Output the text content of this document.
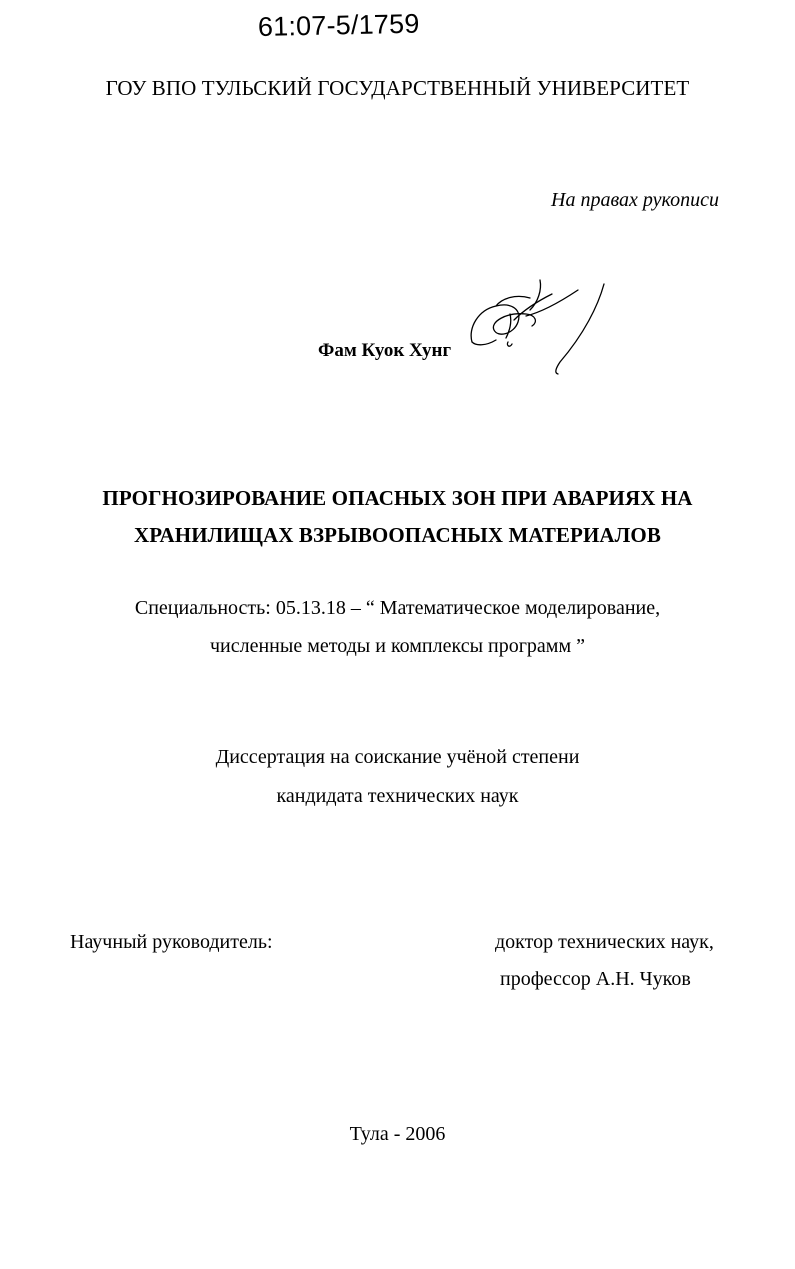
61:07-5/1759
ГОУ ВПО ТУЛЬСКИЙ ГОСУДАРСТВЕННЫЙ УНИВЕРСИТЕТ
На правах рукописи
Фам Куок Хунг
ПРОГНОЗИРОВАНИЕ ОПАСНЫХ ЗОН ПРИ АВАРИЯХ НА
ХРАНИЛИЩАХ ВЗРЫВООПАСНЫХ МАТЕРИАЛОВ
Специальность: 05.13.18 – “ Математическое моделирование,
численные методы и комплексы программ ”
Диссертация на соискание учёной степени
кандидата технических наук
Научный руководитель:	доктор технических наук,
профессор А.Н. Чуков
Тула - 2006
